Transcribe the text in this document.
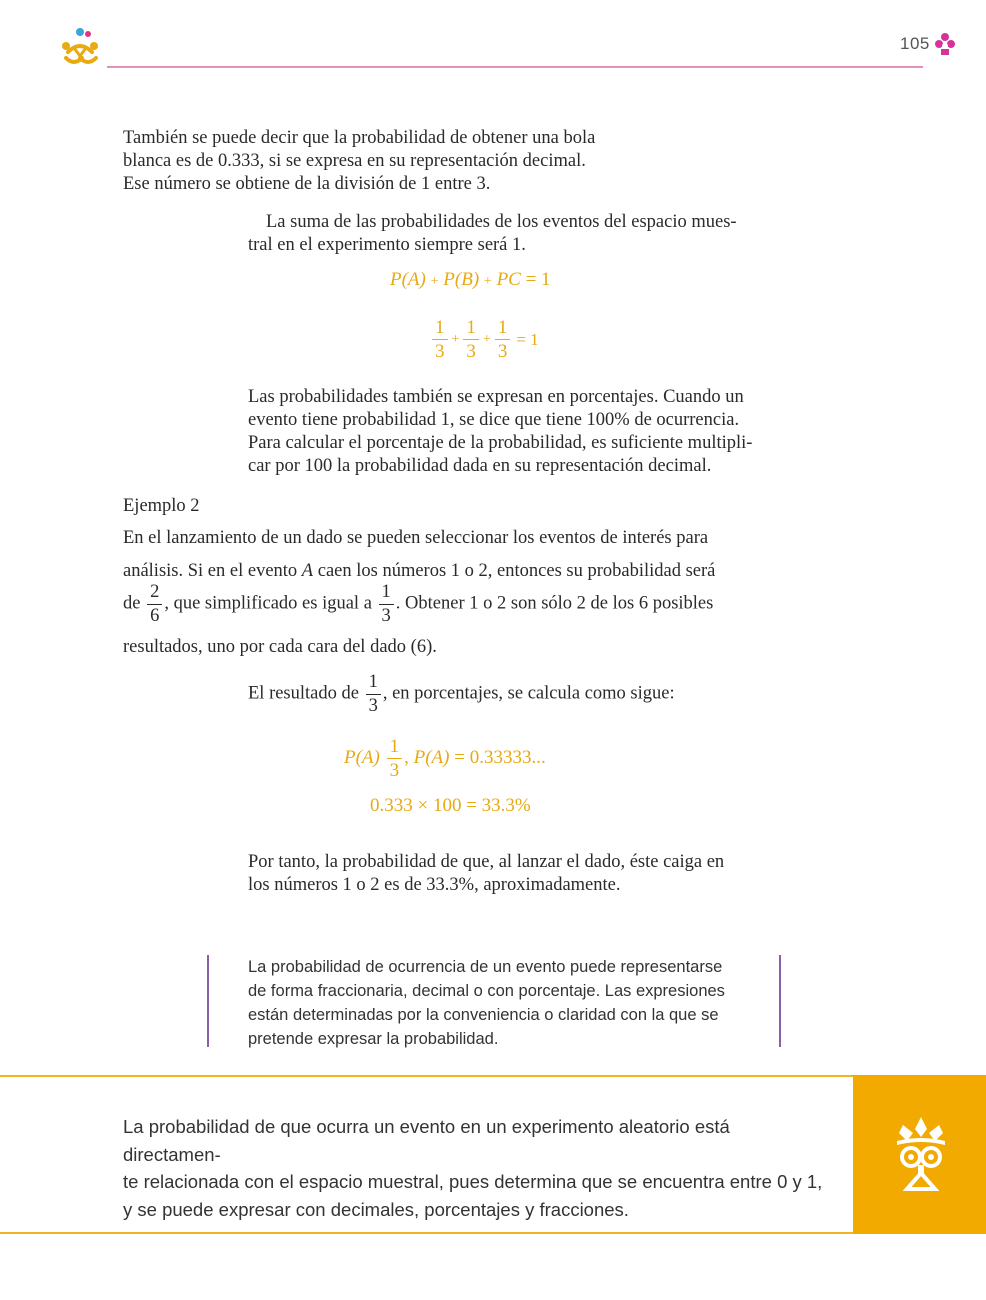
105
También se puede decir que la probabilidad de obtener una bola
blanca es de 0.333, si se expresa en su representación decimal.
Ese número se obtiene de la división de 1 entre 3.
La suma de las probabilidades de los eventos del espacio mues-
tral en el experimento siempre será 1.
P(A) + P(B) + PC = 1
$\frac{1}{3} + \frac{1}{3} + \frac{1}{3} = 1$
Las probabilidades también se expresan en porcentajes. Cuando un
evento tiene probabilidad 1, se dice que tiene 100% de ocurrencia.
Para calcular el porcentaje de la probabilidad, es suficiente multipli-
car por 100 la probabilidad dada en su representación decimal.
Ejemplo 2
En el lanzamiento de un dado se pueden seleccionar los eventos de interés para
análisis. Si en el evento A caen los números 1 o 2, entonces su probabilidad será
de $\frac{2}{6}$ , que simplificado es igual a $\frac{1}{3}$ . Obtener 1 o 2 son sólo 2 de los 6 posibles
resultados, uno por cada cara del dado (6).
El resultado de $\frac{1}{3}$ , en porcentajes, se calcula como sigue:
$P(A) \frac{1}{3}$ , P(A) = 0.33333...
0.333 × 100 = 33.3%
Por tanto, la probabilidad de que, al lanzar el dado, éste caiga en
los números 1 o 2 es de 33.3%, aproximadamente.
La probabilidad de ocurrencia de un evento puede representarse
de forma fraccionaria, decimal o con porcentaje. Las expresiones
están determinadas por la conveniencia o claridad con la que se
pretende expresar la probabilidad.
La probabilidad de que ocurra un evento en un experimento aleatorio está directamen-
te relacionada con el espacio muestral, pues determina que se encuentra entre 0 y 1,
y se puede expresar con decimales, porcentajes y fracciones.
